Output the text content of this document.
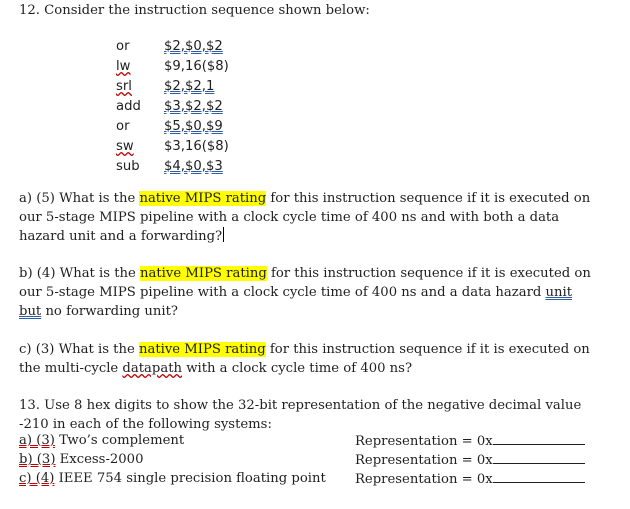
12. Consider the instruction sequence shown below:
or	$2,$0,$2
lw	$9,16($8)
srl $2,$2,1
add $3,$2,$2
or	$5,$0,$9
sw $3,16($8)
sub $4,$0,$3
a) (5) What is the native MIPS rating for this instruction sequence if it is executed on
our 5-stage MIPS pipeline with a clock cycle time of 400 ns and with both a data
hazard unit and a forwarding?
b) (4) What is the native MIPS rating for this instruction sequence if it is executed on
our 5-stage MIPS pipeline with a clock cycle time of 400 ns and a data hazard unit
but no forwarding unit?
c) (3) What is the native MIPS rating for this instruction sequence if it is executed on
the multi-cycle datapath with a clock cycle time of 400 ns?
13. Use 8 hex digits to show the 32-bit representation of the negative decimal value
-210 in each of the following systems:
a) (3) Two’s complement	Representation = 0x
b) (3) Excess-2000	Representation = 0x
c) (4) IEEE 754 single precision floating point Representation = 0x
